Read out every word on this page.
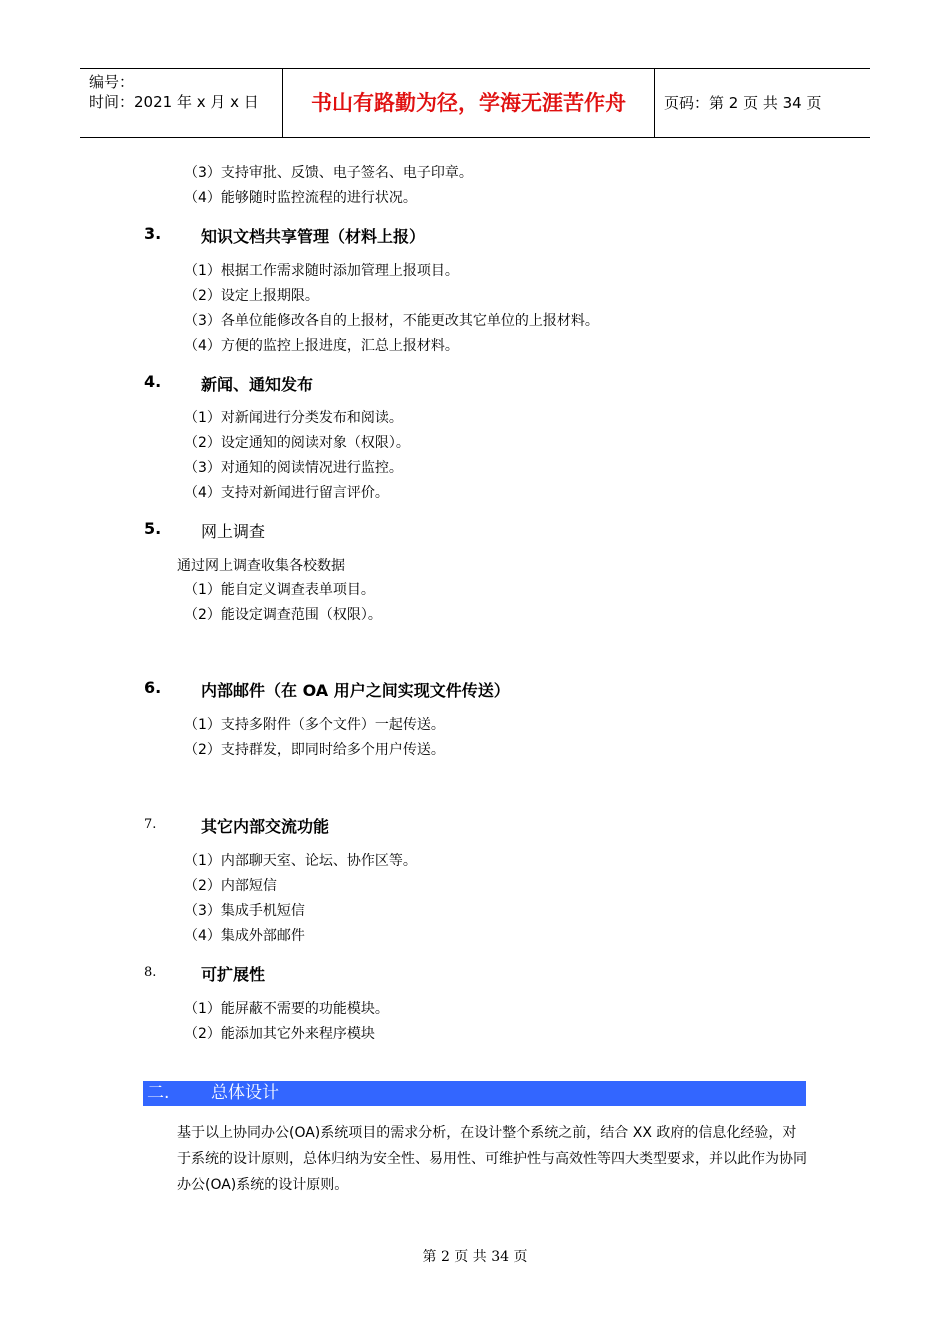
编号：
时间：2021 年 x 月 x 日	书山有路勤为径，学海无涯苦作舟	页码：第 2 页 共 34 页
（3）支持审批、反馈、电子签名、电子印章。
（4）能够随时监控流程的进行状况。
3. 知识文档共享管理（材料上报）
（1）根据工作需求随时添加管理上报项目。
（2）设定上报期限。
（3）各单位能修改各自的上报材，不能更改其它单位的上报材料。
（4）方便的监控上报进度，汇总上报材料。
4. 新闻、通知发布
（1）对新闻进行分类发布和阅读。
（2）设定通知的阅读对象（权限）。
（3）对通知的阅读情况进行监控。
（4）支持对新闻进行留言评价。
5. 网上调查
通过网上调查收集各校数据
（1）能自定义调查表单项目。
（2）能设定调查范围（权限）。
6. 内部邮件（在 OA 用户之间实现文件传送）
（1）支持多附件（多个文件）一起传送。
（2）支持群发，即同时给多个用户传送。
7.	其它内部交流功能
（1）内部聊天室、论坛、协作区等。
（2）内部短信
（3）集成手机短信
（4）集成外部邮件
8.	可扩展性
（1）能屏蔽不需要的功能模块。
（2）能添加其它外来程序模块
二. 总体设计
基于以上协同办公(OA)系统项目的需求分析，在设计整个系统之前，结合 XX 政府的信息化经验，对于系统的设计原则，总体归纳为安全性、易用性、可维护性与高效性等四大类型要求，并以此作为协同办公(OA)系统的设计原则。
第 2 页 共 34 页
